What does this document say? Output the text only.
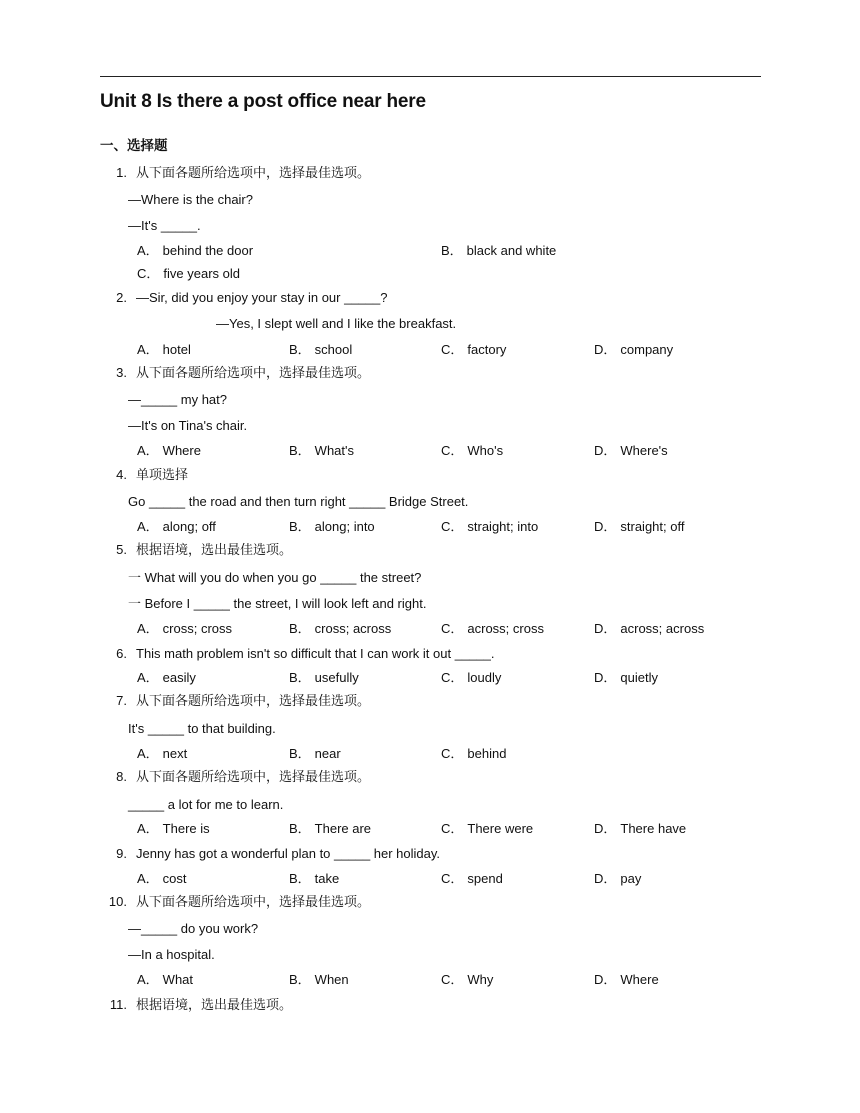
Unit 8 Is there a post office near here
一、选择题
1. 从下面各题所给选项中，选择最佳选项。
—Where is the chair?
—It's _____.
A． behind the door	B． black and white
C． five years old
2. —Sir, did you enjoy your stay in our _____?
—Yes, I slept well and I like the breakfast.
A． hotel	B． school	C． factory	D． company
3. 从下面各题所给选项中，选择最佳选项。
—_____ my hat?
—It's on Tina's chair.
A． Where	B． What's	C． Who's	D． Where's
4. 单项选择
Go _____ the road and then turn right _____ Bridge Street.
A． along; off	B． along; into	C． straight; into	D． straight; off
5. 根据语境，选出最佳选项。
一 What will you do when you go _____ the street?
一 Before I _____ the street, I will look left and right.
A． cross; cross	B． cross; across	C． across; cross	D． across; across
6. This math problem isn't so difficult that I can work it out _____.
A． easily	B． usefully	C． loudly	D． quietly
7. 从下面各题所给选项中，选择最佳选项。
It's _____ to that building.
A． next	B． near	C． behind
8. 从下面各题所给选项中，选择最佳选项。
_____ a lot for me to learn.
A． There is	B． There are	C． There were	D． There have
9. Jenny has got a wonderful plan to _____ her holiday.
A． cost	B． take	C． spend	D． pay
10. 从下面各题所给选项中，选择最佳选项。
—_____ do you work?
—In a hospital.
A． What	B． When	C． Why	D． Where
11. 根据语境，选出最佳选项。
